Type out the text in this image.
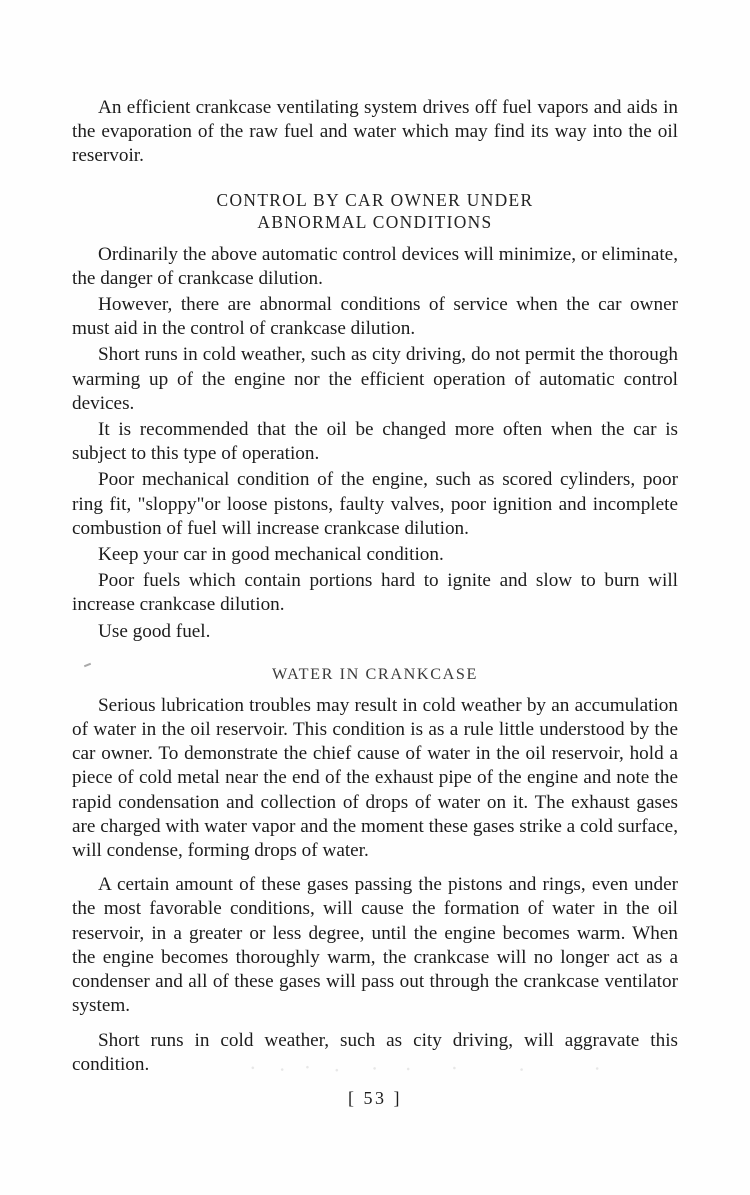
An efficient crankcase ventilating system drives off fuel vapors and aids in the evaporation of the raw fuel and water which may find its way into the oil reservoir.

CONTROL BY CAR OWNER UNDER
ABNORMAL CONDITIONS

Ordinarily the above automatic control devices will minimize, or eliminate, the danger of crankcase dilution.

However, there are abnormal conditions of service when the car owner must aid in the control of crankcase dilution.

Short runs in cold weather, such as city driving, do not permit the thorough warming up of the engine nor the efficient operation of automatic control devices.

It is recommended that the oil be changed more often when the car is subject to this type of operation.

Poor mechanical condition of the engine, such as scored cylinders, poor ring fit, "sloppy"or loose pistons, faulty valves, poor ignition and incomplete combustion of fuel will increase crankcase dilution.

Keep your car in good mechanical condition.

Poor fuels which contain portions hard to ignite and slow to burn will increase crankcase dilution.

Use good fuel.

WATER IN CRANKCASE

Serious lubrication troubles may result in cold weather by an accumulation of water in the oil reservoir. This condition is as a rule little understood by the car owner. To demonstrate the chief cause of water in the oil reservoir, hold a piece of cold metal near the end of the exhaust pipe of the engine and note the rapid condensation and collection of drops of water on it. The exhaust gases are charged with water vapor and the moment these gases strike a cold surface, will condense, forming drops of water.

A certain amount of these gases passing the pistons and rings, even under the most favorable conditions, will cause the formation of water in the oil reservoir, in a greater or less degree, until the engine becomes warm. When the engine becomes thoroughly warm, the crankcase will no longer act as a condenser and all of these gases will pass out through the crankcase ventilator system.

Short runs in cold weather, such as city driving, will aggravate this condition.

[ 53 ]
